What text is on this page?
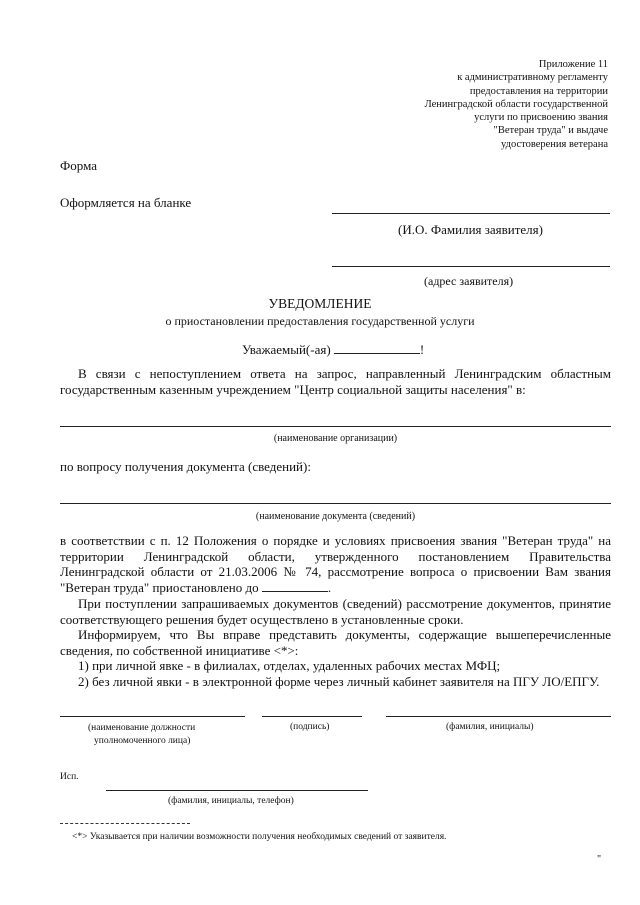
Приложение 11
к административному регламенту
предоставления на территории
Ленинградской области государственной
услуги по присвоению звания
"Ветеран труда" и выдаче
удостоверения ветерана
Форма
Оформляется на бланке
(И.О. Фамилия заявителя)
(адрес заявителя)
УВЕДОМЛЕНИЕ
о приостановлении предоставления государственной услуги
Уважаемый(-ая)	!
В связи с непоступлением ответа на запрос, направленный Ленинградским областным государственным казенным учреждением "Центр социальной защиты населения" в:
(наименование организации)
по вопросу получения документа (сведений):
(наименование документа (сведений)
в соответствии с п. 12 Положения о порядке и условиях присвоения звания "Ветеран труда" на территории Ленинградской области, утвержденного постановлением Правительства Ленинградской области от 21.03.2006 № 74, рассмотрение вопроса о присвоении Вам звания "Ветеран труда" приостановлено до	.
При поступлении запрашиваемых документов (сведений) рассмотрение документов, принятие соответствующего решения будет осуществлено в установленные сроки.
Информируем, что Вы вправе представить документы, содержащие вышеперечисленные сведения, по собственной инициативе <*>:
1) при личной явке - в филиалах, отделах, удаленных рабочих местах МФЦ;
2) без личной явки - в электронной форме через личный кабинет заявителя на ПГУ ЛО/ЕПГУ.
(наименование должности
уполномоченного лица)
(подпись)	(фамилия, инициалы)
Исп.
(фамилия, инициалы, телефон)
<*> Указывается при наличии возможности получения необходимых сведений от заявителя.
"
